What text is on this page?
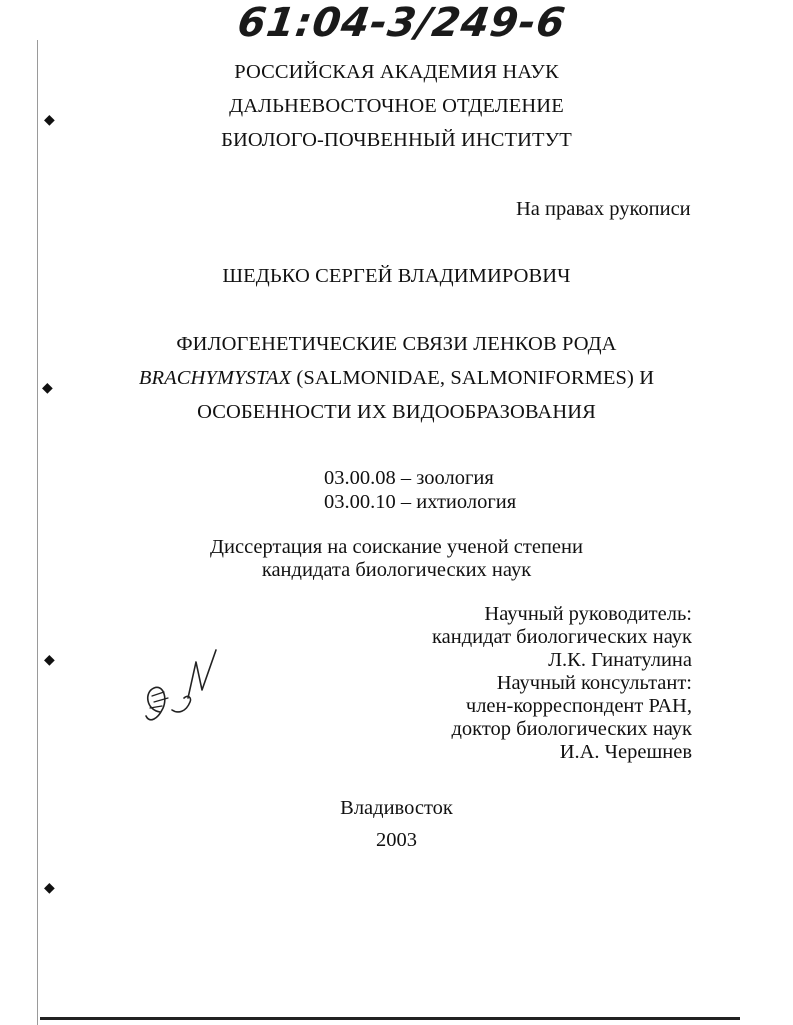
◆
◆
◆
◆
61:04-3/249-6
РОССИЙСКАЯ АКАДЕМИЯ НАУК
ДАЛЬНЕВОСТОЧНОЕ ОТДЕЛЕНИЕ
БИОЛОГО-ПОЧВЕННЫЙ ИНСТИТУТ
На правах рукописи
ШЕДЬКО СЕРГЕЙ ВЛАДИМИРОВИЧ
ФИЛОГЕНЕТИЧЕСКИЕ СВЯЗИ ЛЕНКОВ РОДА
BRACHYMYSTAX (SALMONIDAE, SALMONIFORMES) И
ОСОБЕННОСТИ ИХ ВИДООБРАЗОВАНИЯ
03.00.08 – зоология
03.00.10 – ихтиология
Диссертация на соискание ученой степени
кандидата биологических наук
Научный руководитель:
кандидат биологических наук
Л.К. Гинатулина
Научный консультант:
член-корреспондент РАН,
доктор биологических наук
И.А. Черешнев
Владивосток
2003
